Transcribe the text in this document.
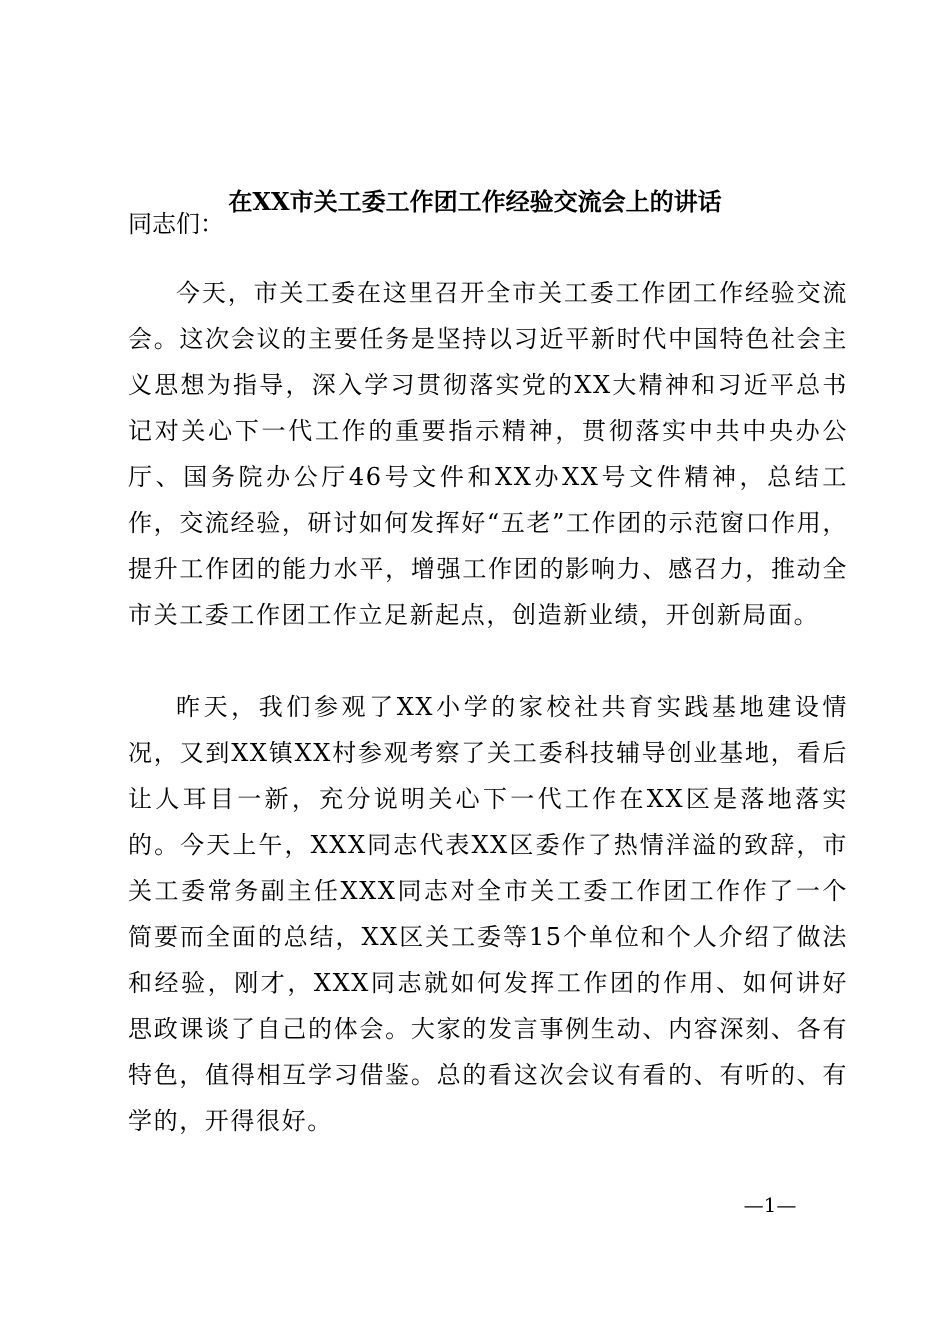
在XX市关工委工作团工作经验交流会上的讲话
同志们：

今天，市关工委在这里召开全市关工委工作团工作经验交流会。这次会议的主要任务是坚持以习近平新时代中国特色社会主义思想为指导，深入学习贯彻落实党的XX大精神和习近平总书记对关心下一代工作的重要指示精神，贯彻落实中共中央办公厅、国务院办公厅46号文件和XX办XX号文件精神，总结工作，交流经验，研讨如何发挥好“五老”工作团的示范窗口作用，提升工作团的能力水平，增强工作团的影响力、感召力，推动全市关工委工作团工作立足新起点，创造新业绩，开创新局面。

昨天，我们参观了XX小学的家校社共育实践基地建设情况，又到XX镇XX村参观考察了关工委科技辅导创业基地，看后让人耳目一新，充分说明关心下一代工作在XX区是落地落实的。今天上午，XXX同志代表XX区委作了热情洋溢的致辞，市关工委常务副主任XXX同志对全市关工委工作团工作作了一个简要而全面的总结，XX区关工委等15个单位和个人介绍了做法和经验，刚才，XXX同志就如何发挥工作团的作用、如何讲好思政课谈了自己的体会。大家的发言事例生动、内容深刻、各有特色，值得相互学习借鉴。总的看这次会议有看的、有听的、有学的，开得很好。

—1—
